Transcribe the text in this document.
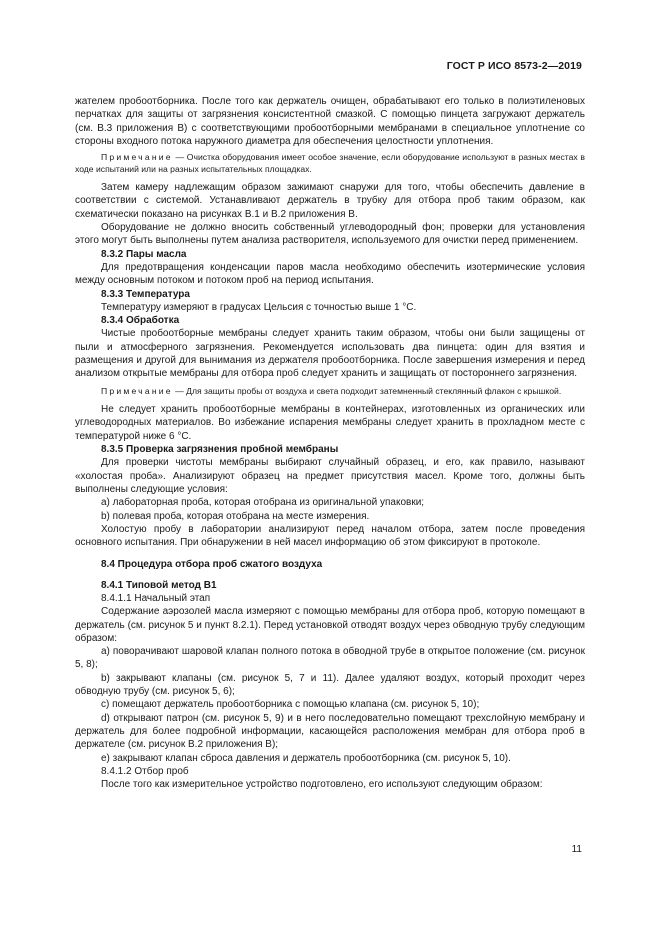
ГОСТ Р ИСО 8573-2—2019

жателем пробоотборника. После того как держатель очищен, обрабатывают его только в полиэтиленовых перчатках для защиты от загрязнения консистентной смазкой. С помощью пинцета загружают держатель (см. В.3 приложения В) с соответствующими пробоотборными мембранами в специальное уплотнение со стороны входного потока наружного диаметра для обеспечения целостности уплотнения.

Примечание — Очистка оборудования имеет особое значение, если оборудование используют в разных местах в ходе испытаний или на разных испытательных площадках.

Затем камеру надлежащим образом зажимают снаружи для того, чтобы обеспечить давление в соответствии с системой. Устанавливают держатель в трубку для отбора проб таким образом, как схематически показано на рисунках В.1 и В.2 приложения В.

Оборудование не должно вносить собственный углеводородный фон; проверки для установления этого могут быть выполнены путем анализа растворителя, используемого для очистки перед применением.

8.3.2 Пары масла

Для предотвращения конденсации паров масла необходимо обеспечить изотермические условия между основным потоком и потоком проб на период испытания.

8.3.3 Температура

Температуру измеряют в градусах Цельсия с точностью выше 1 °С.

8.3.4 Обработка

Чистые пробоотборные мембраны следует хранить таким образом, чтобы они были защищены от пыли и атмосферного загрязнения. Рекомендуется использовать два пинцета: один для взятия и размещения и другой для вынимания из держателя пробоотборника. После завершения измерения и перед анализом открытые мембраны для отбора проб следует хранить и защищать от постороннего загрязнения.

Примечание — Для защиты пробы от воздуха и света подходит затемненный стеклянный флакон с крышкой.

Не следует хранить пробоотборные мембраны в контейнерах, изготовленных из органических или углеводородных материалов. Во избежание испарения мембраны следует хранить в прохладном месте с температурой ниже 6 °С.

8.3.5 Проверка загрязнения пробной мембраны

Для проверки чистоты мембраны выбирают случайный образец, и его, как правило, называют «холостая проба». Анализируют образец на предмет присутствия масел. Кроме того, должны быть выполнены следующие условия:

а) лабораторная проба, которая отобрана из оригинальной упаковки;

b) полевая проба, которая отобрана на месте измерения.

Холостую пробу в лаборатории анализируют перед началом отбора, затем после проведения основного испытания. При обнаружении в ней масел информацию об этом фиксируют в протоколе.

8.4 Процедура отбора проб сжатого воздуха

8.4.1 Типовой метод В1

8.4.1.1 Начальный этап

Содержание аэрозолей масла измеряют с помощью мембраны для отбора проб, которую помещают в держатель (см. рисунок 5 и пункт 8.2.1). Перед установкой отводят воздух через обводную трубу следующим образом:

а) поворачивают шаровой клапан полного потока в обводной трубе в открытое положение (см. рисунок 5, 8);

b) закрывают клапаны (см. рисунок 5, 7 и 11). Далее удаляют воздух, который проходит через обводную трубу (см. рисунок 5, 6);

с) помещают держатель пробоотборника с помощью клапана (см. рисунок 5, 10);

d) открывают патрон (см. рисунок 5, 9) и в него последовательно помещают трехслойную мембрану и держатель для более подробной информации, касающейся расположения мембран для отбора проб в держателе (см. рисунок В.2 приложения В);

е) закрывают клапан сброса давления и держатель пробоотборника (см. рисунок 5, 10).

8.4.1.2 Отбор проб

После того как измерительное устройство подготовлено, его используют следующим образом:

11
